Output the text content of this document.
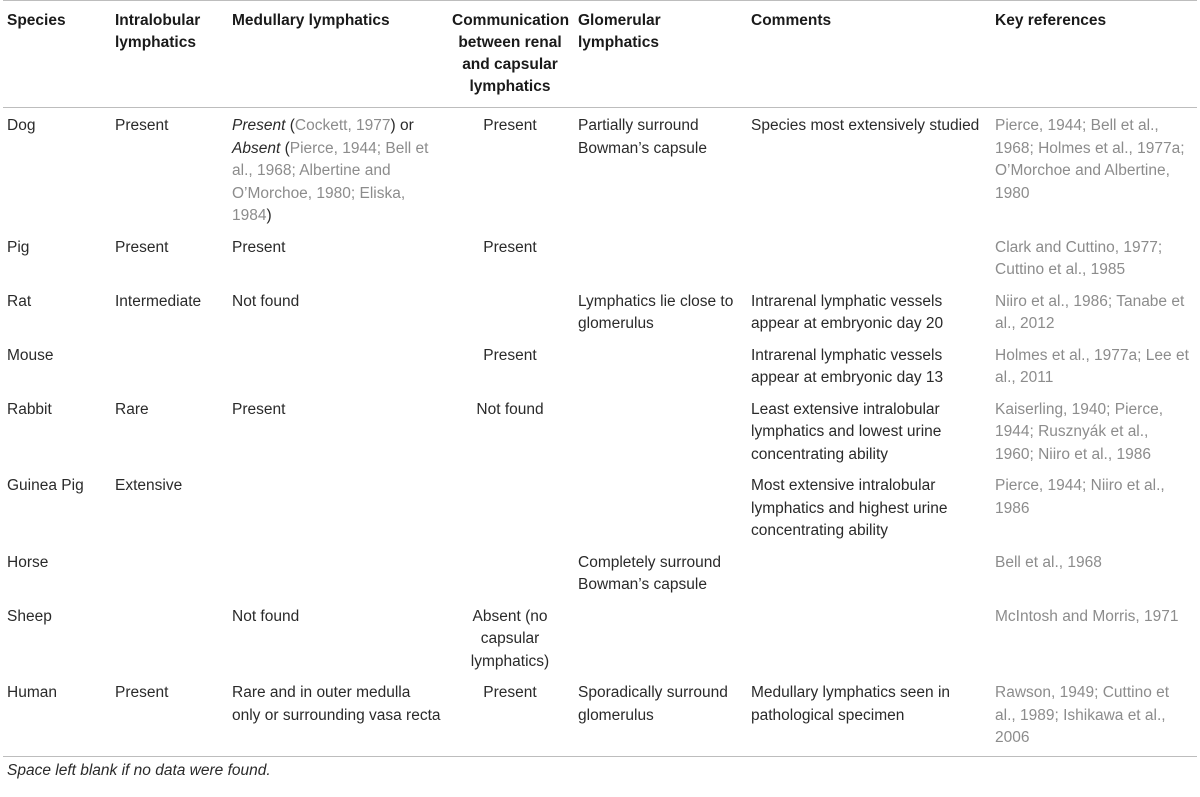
Species	Intralobular lymphatics	Medullary lymphatics	Communication between renal and capsular lymphatics	Glomerular lymphatics	Comments	Key references
Dog	Present	Present (Cockett, 1977) or Absent (Pierce, 1944; Bell et al., 1968; Albertine and O’Morchoe, 1980; Eliska, 1984)	Present	Partially surround Bowman’s capsule	Species most extensively studied	Pierce, 1944; Bell et al., 1968; Holmes et al., 1977a; O’Morchoe and Albertine, 1980
Pig	Present	Present	Present			Clark and Cuttino, 1977; Cuttino et al., 1985
Rat	Intermediate	Not found		Lymphatics lie close to glomerulus	Intrarenal lymphatic vessels appear at embryonic day 20	Niiro et al., 1986; Tanabe et al., 2012
Mouse			Present		Intrarenal lymphatic vessels appear at embryonic day 13	Holmes et al., 1977a; Lee et al., 2011
Rabbit	Rare	Present	Not found		Least extensive intralobular lymphatics and lowest urine concentrating ability	Kaiserling, 1940; Pierce, 1944; Rusznyák et al., 1960; Niiro et al., 1986
Guinea Pig	Extensive				Most extensive intralobular lymphatics and highest urine concentrating ability	Pierce, 1944; Niiro et al., 1986
Horse				Completely surround Bowman’s capsule		Bell et al., 1968
Sheep		Not found	Absent (no capsular lymphatics)			McIntosh and Morris, 1971
Human	Present	Rare and in outer medulla only or surrounding vasa recta	Present	Sporadically surround glomerulus	Medullary lymphatics seen in pathological specimen	Rawson, 1949; Cuttino et al., 1989; Ishikawa et al., 2006
Space left blank if no data were found.
